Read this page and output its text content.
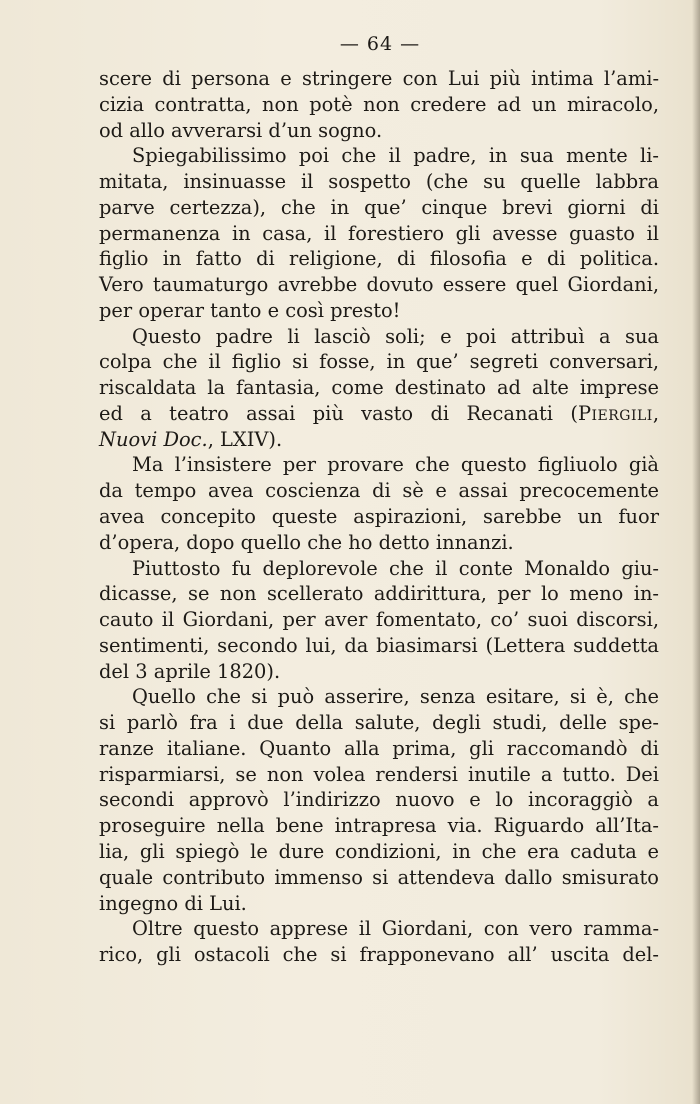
— 64 —
scere di persona e stringere con Lui più intima l’ami-
cizia contratta, non potè non credere ad un miracolo,
od allo avverarsi d’un sogno.
Spiegabilissimo poi che il padre, in sua mente li-
mitata, insinuasse il sospetto (che su quelle labbra
parve certezza), che in que’ cinque brevi giorni di
permanenza in casa, il forestiero gli avesse guasto il
figlio in fatto di religione, di filosofia e di politica.
Vero taumaturgo avrebbe dovuto essere quel Giordani,
per operar tanto e così presto!
Questo padre li lasciò soli; e poi attribuì a sua
colpa che il figlio si fosse, in que’ segreti conversari,
riscaldata la fantasia, come destinato ad alte imprese
ed a teatro assai più vasto di Recanati (Piergili,
Nuovi Doc., LXIV).
Ma l’insistere per provare che questo figliuolo già
da tempo avea coscienza di sè e assai precocemente
avea concepito queste aspirazioni, sarebbe un fuor
d’opera, dopo quello che ho detto innanzi.
Piuttosto fu deplorevole che il conte Monaldo giu-
dicasse, se non scellerato addirittura, per lo meno in-
cauto il Giordani, per aver fomentato, co’ suoi discorsi,
sentimenti, secondo lui, da biasimarsi (Lettera suddetta
del 3 aprile 1820).
Quello che si può asserire, senza esitare, si è, che
si parlò fra i due della salute, degli studi, delle spe-
ranze italiane. Quanto alla prima, gli raccomandò di
risparmiarsi, se non volea rendersi inutile a tutto. Dei
secondi approvò l’indirizzo nuovo e lo incoraggiò a
proseguire nella bene intrapresa via. Riguardo all’Ita-
lia, gli spiegò le dure condizioni, in che era caduta e
quale contributo immenso si attendeva dallo smisurato
ingegno di Lui.
Oltre questo apprese il Giordani, con vero ramma-
rico, gli ostacoli che si frapponevano all’ uscita del-
